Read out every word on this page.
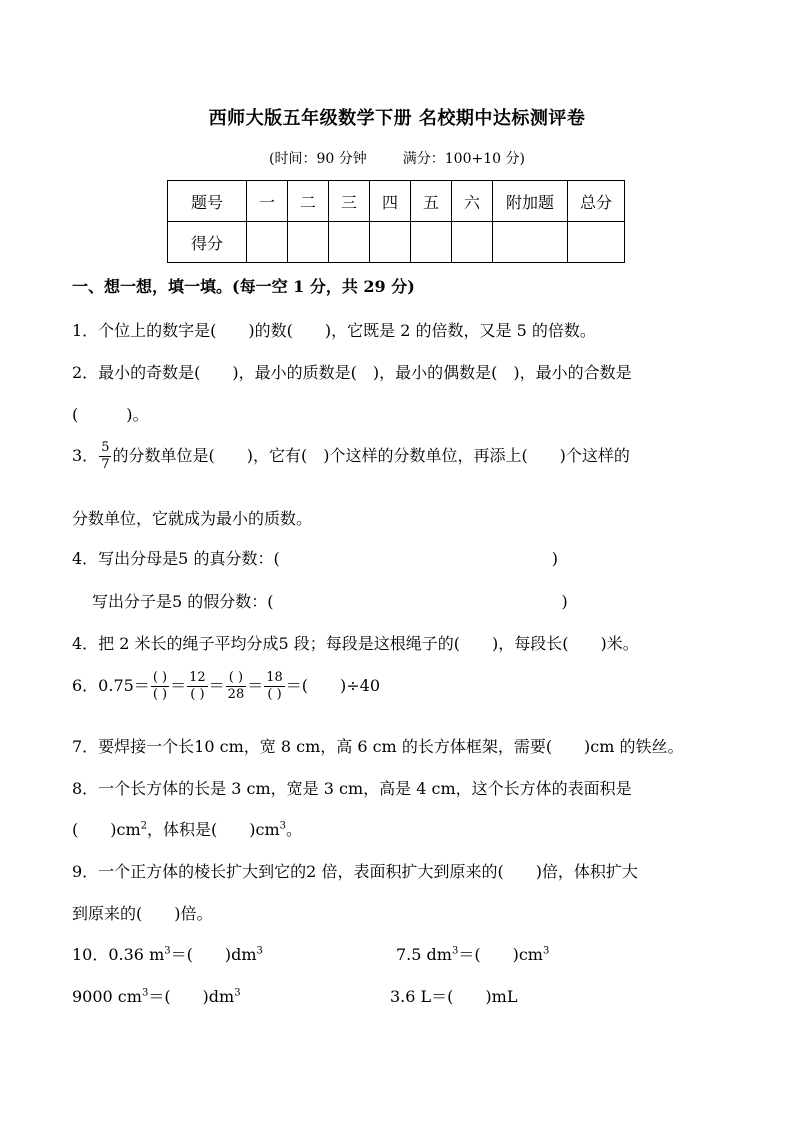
西师大版五年级数学下册 名校期中达标测评卷
(时间：90 分钟	满分：100+10 分)
题号	一	二	三	四	五	六	附加题	总分
得分								
一、想一想，填一填。(每一空 1 分，共 29 分)
1．个位上的数字是(　　)的数(　　)，它既是 2 的倍数，又是 5 的倍数。
2．最小的奇数是(　　)，最小的质数是(　)，最小的偶数是(　)，最小的合数是
(　　　)。
3． $\frac{5}{7}$ 的分数单位是(　　)，它有(　)个这样的分数单位，再添上(　　)个这样的
分数单位，它就成为最小的质数。
4．写出分母是5 的真分数：(　　　　　　　　　　　　　　　　　)
写出分子是5 的假分数：(　　　　　　　　　　　　　　　　　　)
4．把 2 米长的绳子平均分成5 段；每段是这根绳子的(　　)，每段长(　　)米。
6．$0.75= \frac{( )}{( )} = \frac{12}{( )} = \frac{( )}{28} = \frac{18}{( )}$ ＝(　　)÷40
7．要焊接一个长10 cm，宽 8 cm，高 6 cm 的长方体框架，需要(　　)cm 的铁丝。
8．一个长方体的长是 3 cm，宽是 3 cm，高是 4 cm，这个长方体的表面积是
(　　)$cm^2$，体积是(　　)$cm^3$。
9．一个正方体的棱长扩大到它的2 倍，表面积扩大到原来的(　　)倍，体积扩大
到原来的(　　)倍。
10．0.36 $m^3=$(　　)$dm^3$	7.5 $dm^3=$(　　)$cm^3$
9000 $cm^3=$(　　)$dm^3$	3.6 L＝(　　)mL
